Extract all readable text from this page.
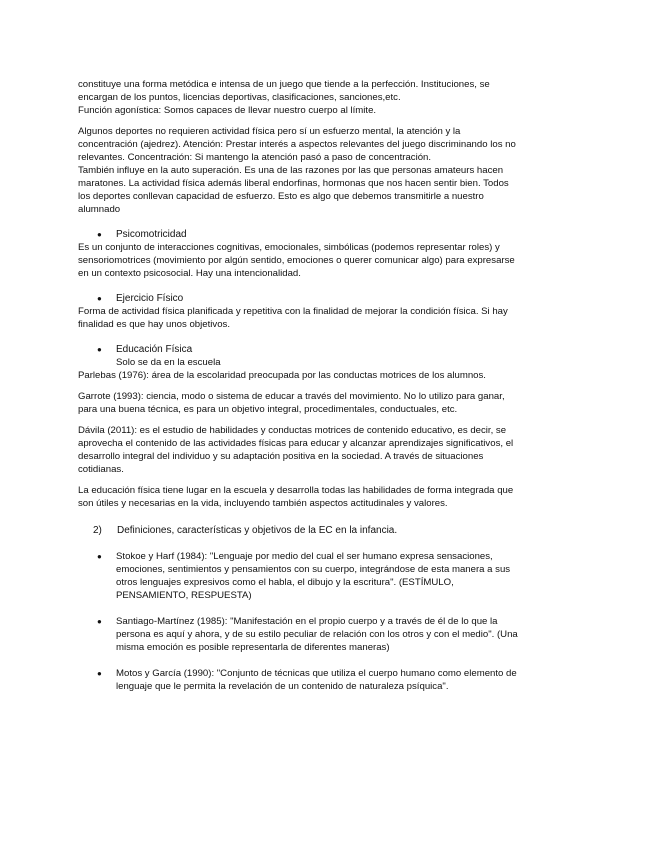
constituye una forma metódica e intensa de un juego que tiende a la perfección. Instituciones, se

encargan de los puntos, licencias deportivas, clasificaciones, sanciones,etc.

Función agonística: Somos capaces de llevar nuestro cuerpo al límite.

Algunos deportes no requieren actividad física pero sí un esfuerzo mental, la atención y la

concentración (ajedrez). Atención: Prestar interés a aspectos relevantes del juego discriminando los no

relevantes. Concentración: Si mantengo la atención pasó a paso de concentración.

También influye en la auto superación. Es una de las razones por las que personas amateurs hacen

maratones. La actividad física además liberal endorfinas, hormonas que nos hacen sentir bien. Todos

los deportes conllevan capacidad de esfuerzo. Esto es algo que debemos transmitirle a nuestro

alumnado

●	Psicomotricidad

Es un conjunto de interacciones cognitivas, emocionales, simbólicas (podemos representar roles) y

sensoriomotrices (movimiento por algún sentido, emociones o querer comunicar algo) para expresarse

en un contexto psicosocial. Hay una intencionalidad.

●	Ejercicio Físico

Forma de actividad física planificada y repetitiva con la finalidad de mejorar la condición física. Si hay

finalidad es que hay unos objetivos.

●	Educación Física

Solo se da en la escuela

Parlebas (1976): área de la escolaridad preocupada por las conductas motrices de los alumnos.

Garrote (1993): ciencia, modo o sistema de educar a través del movimiento. No lo utilizo para ganar,

para una buena técnica, es para un objetivo integral, procedimentales, conductuales, etc.

Dávila (2011): es el estudio de habilidades y conductas motrices de contenido educativo, es decir, se

aprovecha el contenido de las actividades físicas para educar y alcanzar aprendizajes significativos, el

desarrollo integral del individuo y su adaptación positiva en la sociedad. A través de situaciones

cotidianas.

La educación física tiene lugar en la escuela y desarrolla todas las habilidades de forma integrada que

son útiles y necesarias en la vida, incluyendo también aspectos actitudinales y valores.

2)	Definiciones, características y objetivos de la EC en la infancia.
●	Stokoe y Harf (1984): "Lenguaje por medio del cual el ser humano expresa sensaciones,

emociones, sentimientos y pensamientos con su cuerpo, integrándose de esta manera a sus

otros lenguajes expresivos como el habla, el dibujo y la escritura". (ESTÍMULO,

PENSAMIENTO, RESPUESTA)

●	Santiago-Martínez (1985): "Manifestación en el propio cuerpo y a través de él de lo que la

persona es aquí y ahora, y de su estilo peculiar de relación con los otros y con el medio". (Una

misma emoción es posible representarla de diferentes maneras)

●	Motos y García (1990): "Conjunto de técnicas que utiliza el cuerpo humano como elemento de

lenguaje que le permita la revelación de un contenido de naturaleza psíquica".
